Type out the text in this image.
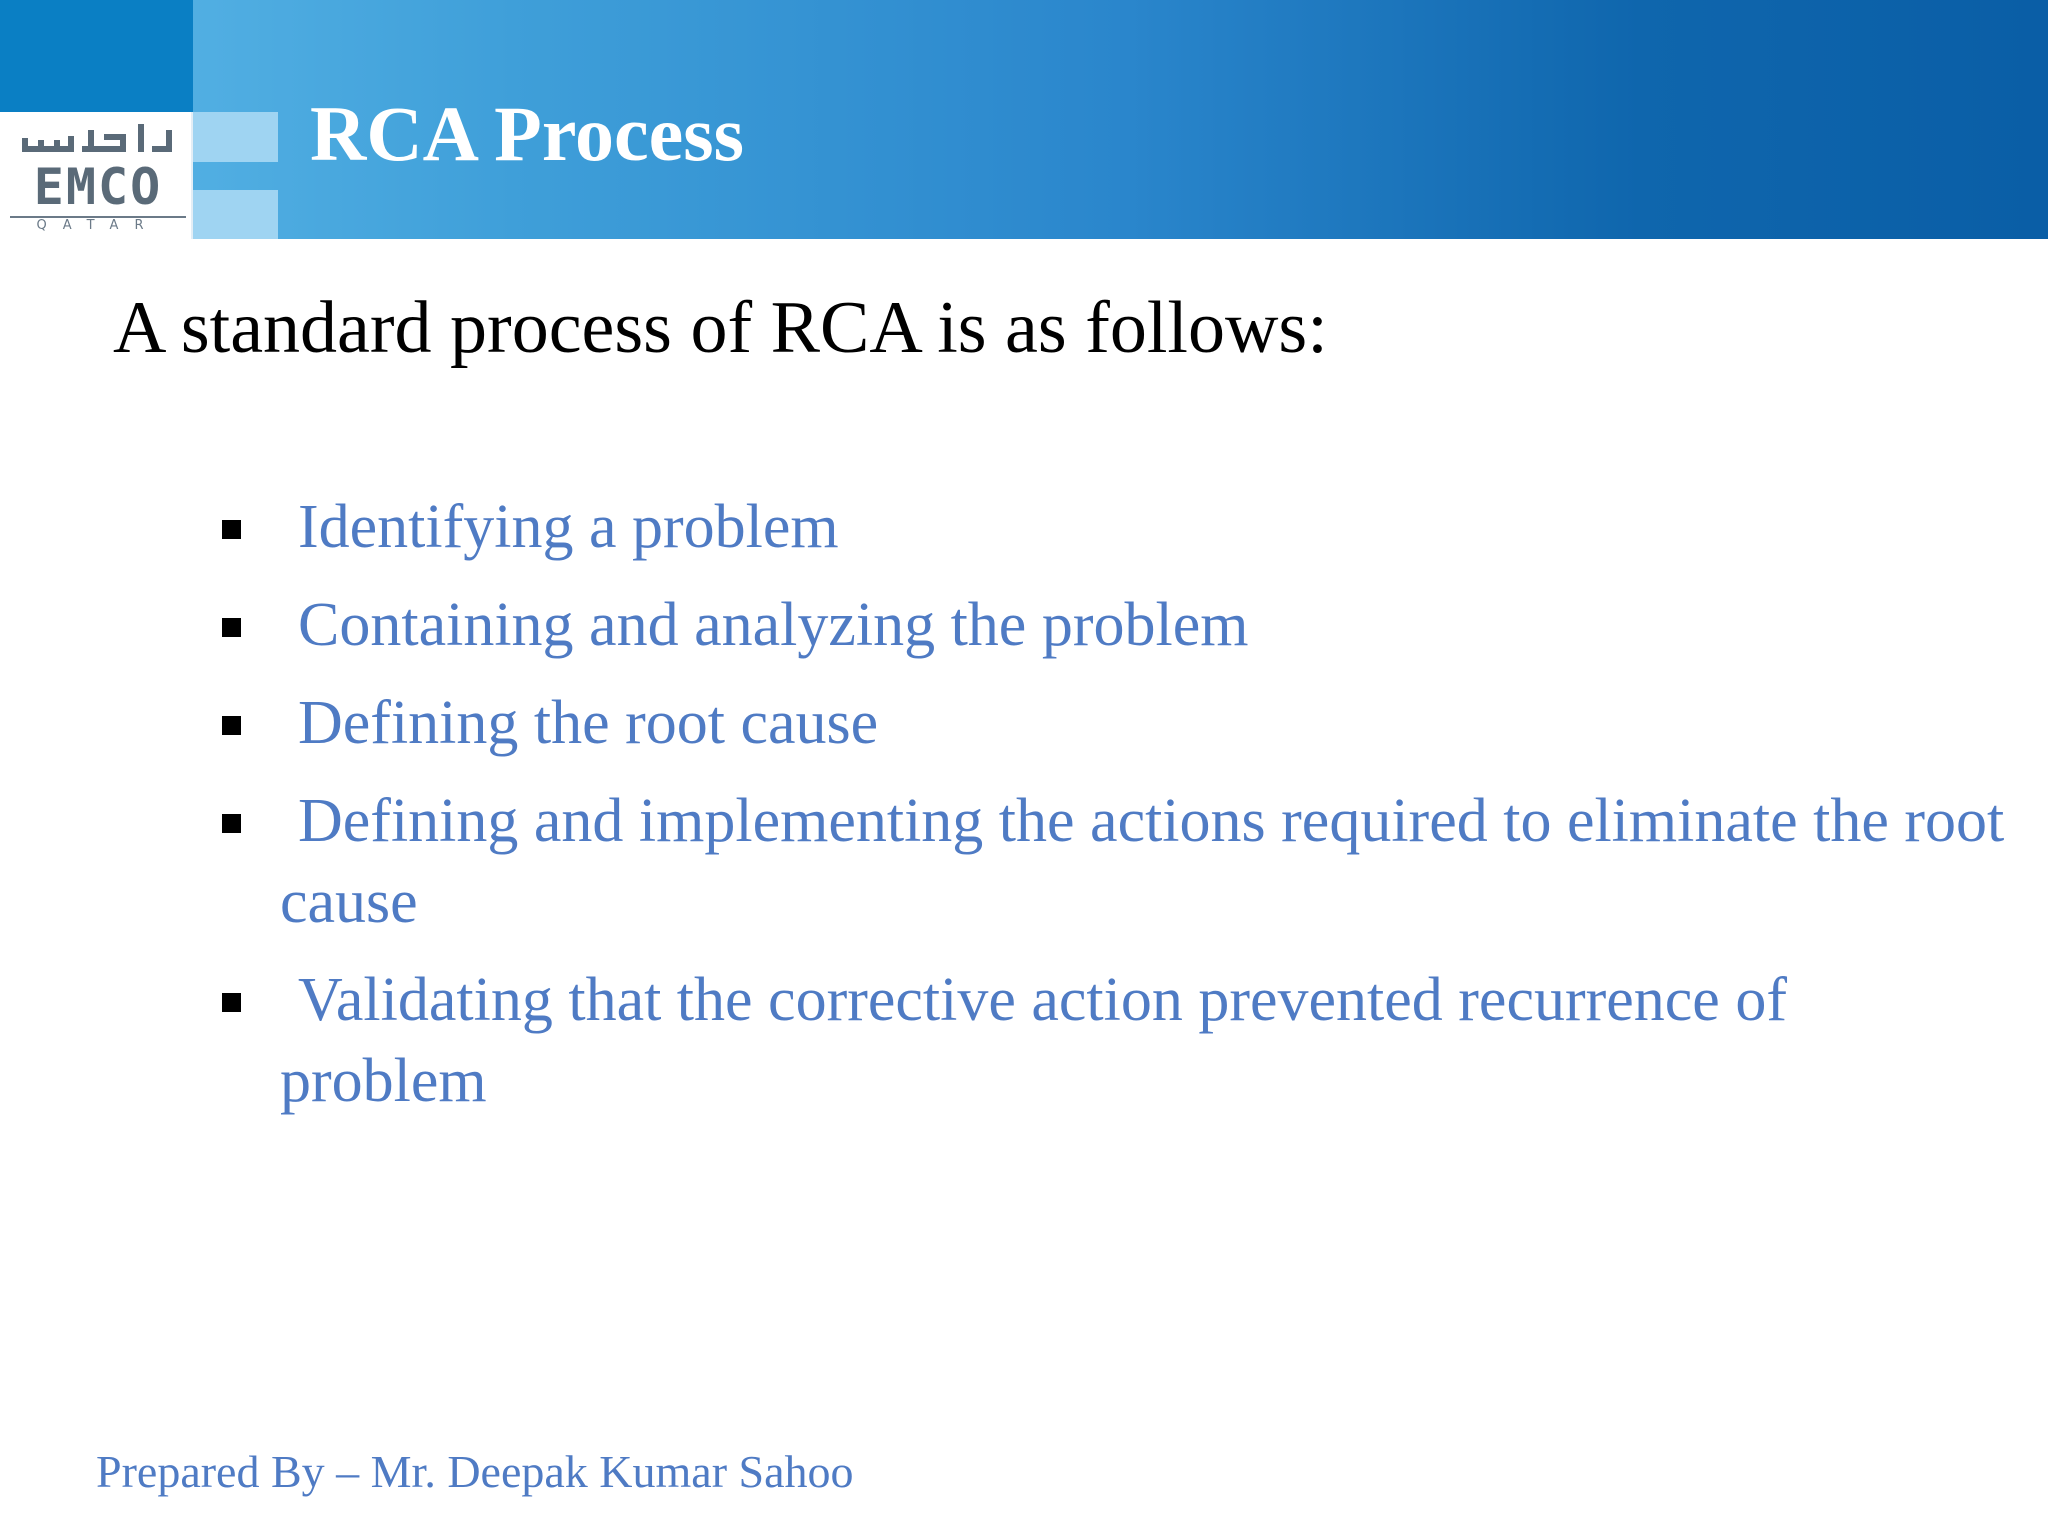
EMCO
QATAR
RCA Process
A standard process of RCA is as follows:
Identifying a problem
Containing and analyzing the problem
Defining the root cause
Defining and implementing the actions required to eliminate the root cause
Validating that the corrective action prevented recurrence of problem
Prepared By – Mr. Deepak Kumar Sahoo
